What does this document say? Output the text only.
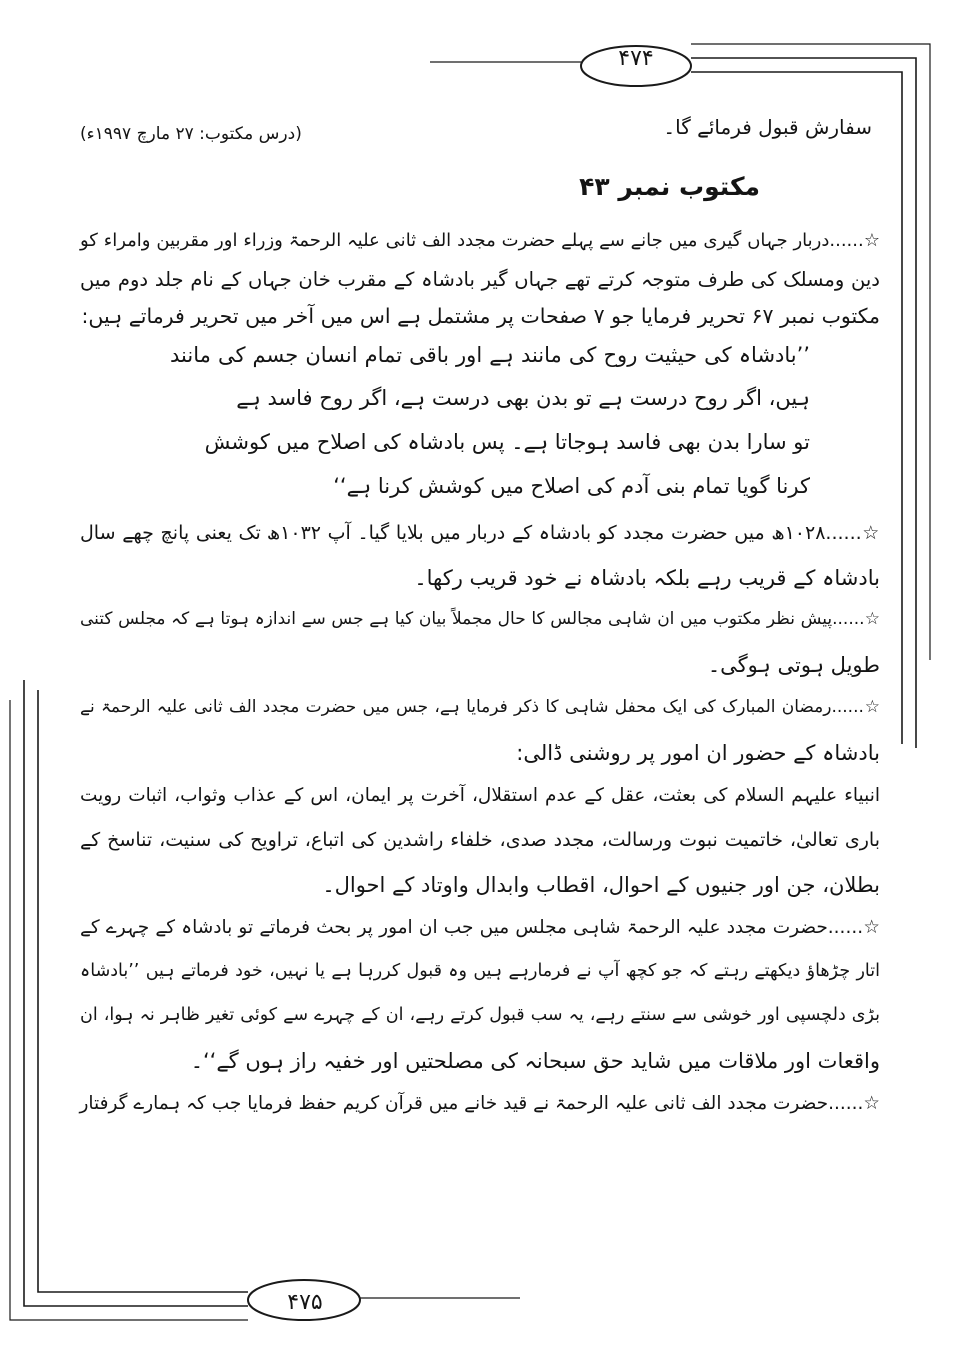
۴۷۴
۴۷۵
سفارش قبول فرمائے گا۔
(درس مکتوب: ۲۷ مارچ ۱۹۹۷ء)
مکتوب نمبر ۴۳
☆......دربار جہاں گیری میں جانے سے پہلے حضرت مجدد الف ثانی علیہ الرحمۃ وزراء اور مقربین وامراء کو
دین ومسلک کی طرف متوجہ کرتے تھے جہاں گیر بادشاہ کے مقرب خان جہاں کے نام جلد دوم میں
مکتوب نمبر ۶۷ تحریر فرمایا جو ۷ صفحات پر مشتمل ہے اس میں آخر میں تحریر فرماتے ہیں:
’’بادشاہ کی حیثیت روح کی مانند ہے اور باقی تمام انسان جسم کی مانند
ہیں، اگر روح درست ہے تو بدن بھی درست ہے، اگر روح فاسد ہے
تو سارا بدن بھی فاسد ہوجاتا ہے۔ پس بادشاہ کی اصلاح میں کوشش
کرنا گویا تمام بنی آدم کی اصلاح میں کوشش کرنا ہے‘‘
☆......۱۰۲۸ھ میں حضرت مجدد کو بادشاہ کے دربار میں بلایا گیا۔ آپ ۱۰۳۲ھ تک یعنی پانچ چھے سال
بادشاہ کے قریب رہے بلکہ بادشاہ نے خود قریب رکھا۔
☆......پیش نظر مکتوب میں ان شاہی مجالس کا حال مجملاً بیان کیا ہے جس سے اندازہ ہوتا ہے کہ مجلس کتنی
طویل ہوتی ہوگی۔
☆......رمضان المبارک کی ایک محفل شاہی کا ذکر فرمایا ہے، جس میں حضرت مجدد الف ثانی علیہ الرحمۃ نے
بادشاہ کے حضور ان امور پر روشنی ڈالی:
انبیاء علیہم السلام کی بعثت، عقل کے عدم استقلال، آخرت پر ایمان، اس کے عذاب وثواب، اثبات رویت
باری تعالیٰ، خاتمیت نبوت ورسالت، مجدد صدی، خلفاء راشدین کی اتباع، تراویح کی سنیت، تناسخ کے
بطلان، جن اور جنیوں کے احوال، اقطاب وابدال واوتاد کے احوال۔
☆......حضرت مجدد علیہ الرحمۃ شاہی مجلس میں جب ان امور پر بحث فرماتے تو بادشاہ کے چہرے کے
اتار چڑھاؤ دیکھتے رہتے کہ جو کچھ آپ نے فرمارہے ہیں وہ قبول کررہا ہے یا نہیں، خود فرماتے ہیں ’’بادشاہ
بڑی دلچسپی اور خوشی سے سنتے رہے، یہ سب قبول کرتے رہے، ان کے چہرے سے کوئی تغیر ظاہر نہ ہوا، ان
واقعات اور ملاقات میں شاید حق سبحانہ کی مصلحتیں اور خفیہ راز ہوں گے‘‘۔
☆......حضرت مجدد الف ثانی علیہ الرحمۃ نے قید خانے میں قرآن کریم حفظ فرمایا جب کہ ہمارے گرفتار
